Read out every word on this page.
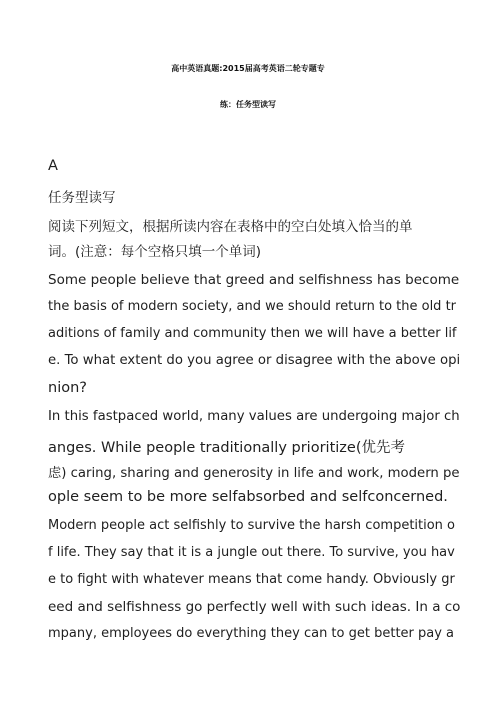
高中英语真题:2015届高考英语二轮专题专
练：任务型读写
A
任务型读写
阅读下列短文，根据所读内容在表格中的空白处填入恰当的单
词。(注意：每个空格只填一个单词)
Some people believe that greed and selfishness has become
the basis of modern society, and we should return to the old tr
aditions of family and community then we will have a better lif
e. To what extent do you agree or disagree with the above opi
nion?
In this fastpaced world, many values are undergoing major ch
anges. While people traditionally prioritize(优先考
虑) caring, sharing and generosity in life and work, modern pe
ople seem to be more selfabsorbed and selfconcerned.
Modern people act selfishly to survive the harsh competition o
f life. They say that it is a jungle out there. To survive, you hav
e to fight with whatever means that come handy. Obviously gr
eed and selfishness go perfectly well with such ideas. In a co
mpany, employees do everything they can to get better pay a
